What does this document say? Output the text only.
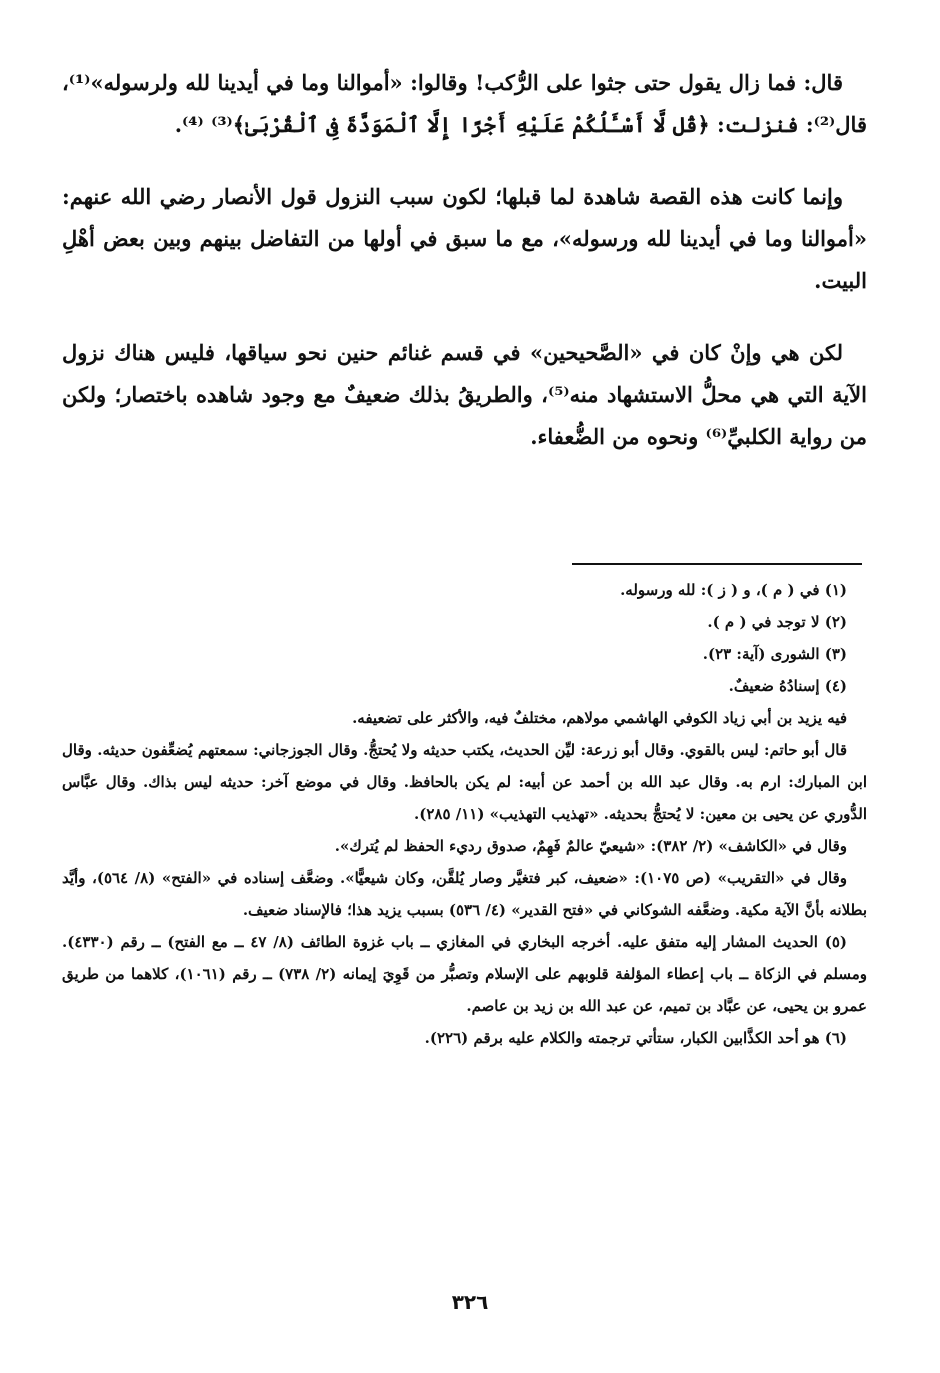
قال: فما زال يقول حتى جثوا على الرُّكب! وقالوا: «أموالنا وما في أيدينا لله ولرسوله»⁽¹⁾، قال⁽²⁾: فنزلت: ﴿قُل لَّا أَسْـَٔلُكُمْ عَلَيْهِ أَجْرًا إِلَّا ٱلْمَوَدَّةَ فِى ٱلْقُرْبَىٰ﴾⁽³⁾ ⁽⁴⁾.

وإنما كانت هذه القصة شاهدة لما قبلها؛ لكون سبب النزول قول الأنصار رضي الله عنهم: «أموالنا وما في أيدينا لله ورسوله»، مع ما سبق في أولها من التفاضل بينهم وبين بعض أهْلِ البيت.

لكن هي وإنْ كان في «الصَّحيحين» في قسم غنائم حنين نحو سياقها، فليس هناك نزول الآية التي هي محلُّ الاستشهاد منه⁽⁵⁾، والطريقُ بذلك ضعيفٌ مع وجود شاهده باختصار؛ ولكن من رواية الكلبيِّ⁽⁶⁾ ونحوه من الضُّعفاء.

(١) في ( م )، و ( ز ): لله ورسوله.

(٢) لا توجد في ( م ).

(٣) الشورى (آية: ٢٣).

(٤) إسنادُهُ ضعيفٌ.

فيه يزيد بن أبي زياد الكوفي الهاشمي مولاهم، مختلفٌ فيه، والأكثر على تضعيفه.

قال أبو حاتم: ليس بالقوي. وقال أبو زرعة: ليِّن الحديث، يكتب حديثه ولا يُحتجُّ. وقال الجوزجاني: سمعتهم يُضعِّفون حديثه. وقال ابن المبارك: ارم به. وقال عبد الله بن أحمد عن أبيه: لم يكن بالحافظ. وقال في موضع آخر: حديثه ليس بذاك. وقال عبَّاس الدُّوري عن يحيى بن معين: لا يُحتجُّ بحديثه. «تهذيب التهذيب» (١١/ ٢٨٥).

وقال في «الكاشف» (٢/ ٣٨٢): «شيعيّ عالمٌ فَهِمٌ، صدوق رديء الحفظ لم يُترك».

وقال في «التقريب» (ص ١٠٧٥): «ضعيف، كبر فتغيَّر وصار يُلقَّن، وكان شيعيًّا». وضعَّف إسناده في «الفتح» (٨/ ٥٦٤)، وأيَّد بطلانه بأنَّ الآية مكية. وضعَّفه الشوكاني في «فتح القدير» (٤/ ٥٣٦) بسبب يزيد هذا؛ فالإسناد ضعيف.

(٥) الحديث المشار إليه متفق عليه. أخرجه البخاري في المغازي ــ باب غزوة الطائف (٨/ ٤٧ ــ مع الفتح) ــ رقم (٤٣٣٠). ومسلم في الزكاة ــ باب إعطاء المؤلفة قلوبهم على الإسلام وتصبُّر من قَوِيَ إيمانه (٢/ ٧٣٨) ــ رقم (١٠٦١)، كلاهما من طريق عمرو بن يحيى، عن عبَّاد بن تميم، عن عبد الله بن زيد بن عاصم.

(٦) هو أحد الكذَّابين الكبار، ستأتي ترجمته والكلام عليه برقم (٢٢٦).

٣٢٦
